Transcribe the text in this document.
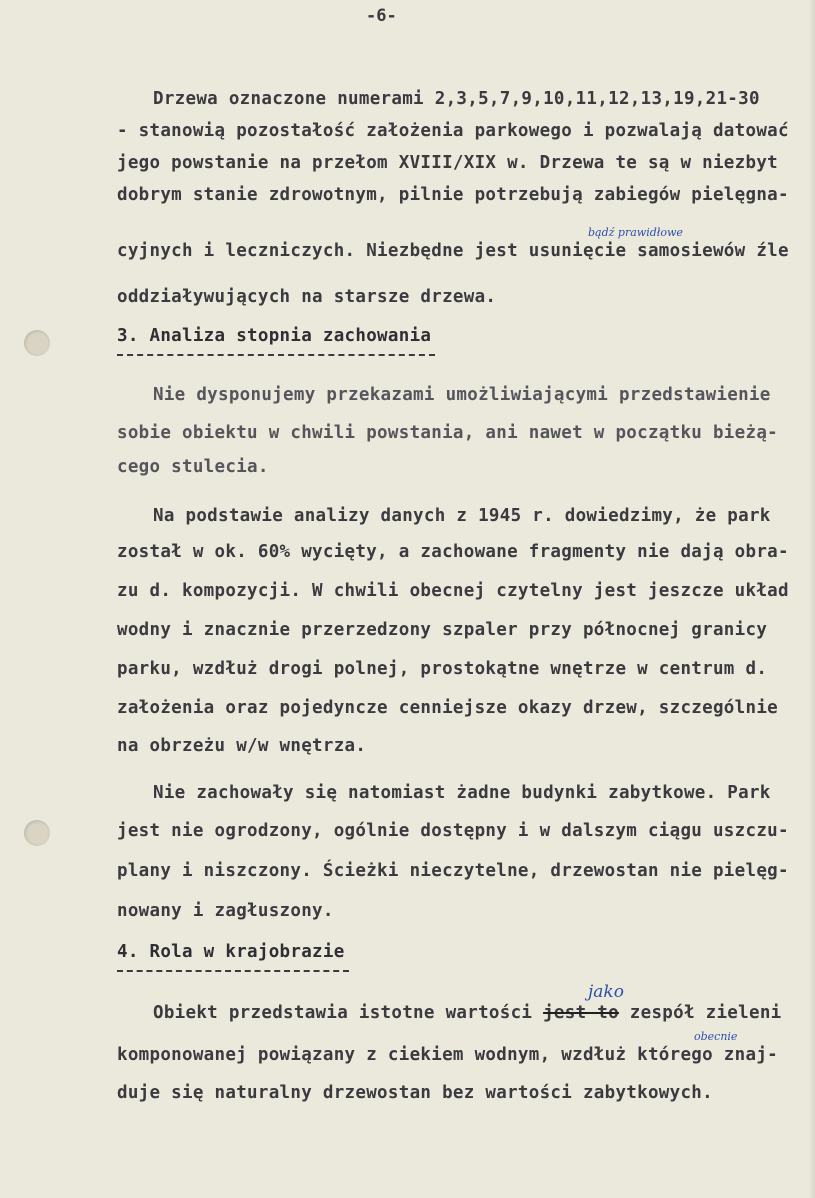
-6-
Drzewa oznaczone numerami 2,3,5,7,9,10,11,12,13,19,21-30
- stanowią pozostałość założenia parkowego i pozwalają datować
jego powstanie na przełom XVIII/XIX w. Drzewa te są w niezbyt
dobrym stanie zdrowotnym, pilnie potrzebują zabiegów pielęgna-
bądź prawidłowe
cyjnych i leczniczych. Niezbędne jest usunięcie samosiewów źle
oddziaływujących na starsze drzewa.
3. Analiza stopnia zachowania
Nie dysponujemy przekazami umożliwiającymi przedstawienie
sobie obiektu w chwili powstania, ani nawet w początku bieżą-
cego stulecia.
Na podstawie analizy danych z 1945 r. dowiedzimy, że park
został w ok. 60% wycięty, a zachowane fragmenty nie dają obra-
zu d. kompozycji. W chwili obecnej czytelny jest jeszcze układ
wodny i znacznie przerzedzony szpaler przy północnej granicy
parku, wzdłuż drogi polnej, prostokątne wnętrze w centrum d.
założenia oraz pojedyncze cenniejsze okazy drzew, szczególnie
na obrzeżu w/w wnętrza.
Nie zachowały się natomiast żadne budynki zabytkowe. Park
jest nie ogrodzony, ogólnie dostępny i w dalszym ciągu uszczu-
plany i niszczony. Ścieżki nieczytelne, drzewostan nie pielęg-
nowany i zagłuszony.
4. Rola w krajobrazie
jako
Obiekt przedstawia istotne wartości jest to zespół zieleni
obecnie
komponowanej powiązany z ciekiem wodnym, wzdłuż którego znaj-
duje się naturalny drzewostan bez wartości zabytkowych.
